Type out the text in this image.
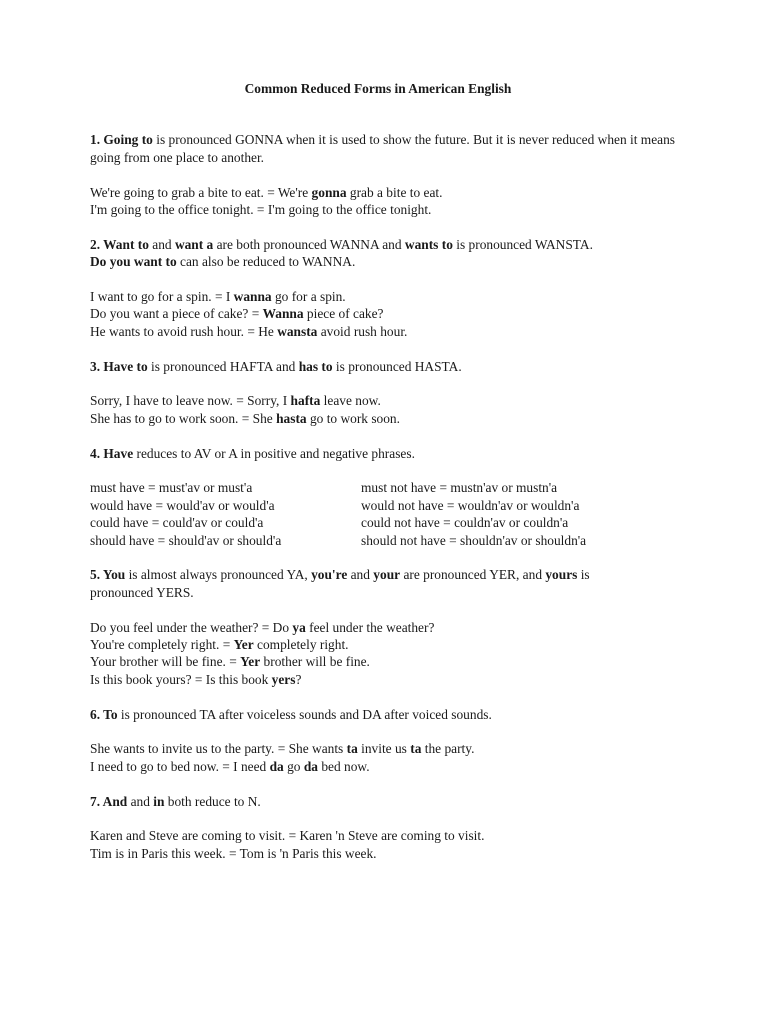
Common Reduced Forms in American English
1. Going to is pronounced GONNA when it is used to show the future. But it is never reduced when it means going from one place to another.
We're going to grab a bite to eat. = We're gonna grab a bite to eat.
I'm going to the office tonight. = I'm going to the office tonight.
2. Want to and want a are both pronounced WANNA and wants to is pronounced WANSTA.
Do you want to can also be reduced to WANNA.
I want to go for a spin. = I wanna go for a spin.
Do you want a piece of cake? = Wanna piece of cake?
He wants to avoid rush hour. = He wansta avoid rush hour.
3. Have to is pronounced HAFTA and has to is pronounced HASTA.
Sorry, I have to leave now. = Sorry, I hafta leave now.
She has to go to work soon. = She hasta go to work soon.
4. Have reduces to AV or A in positive and negative phrases.
must have = must'av or must'a	must not have = mustn'av or mustn'a
would have = would'av or would'a	would not have = wouldn'av or wouldn'a
could have = could'av or could'a	could not have = couldn'av or couldn'a
should have = should'av or should'a	should not have = shouldn'av or shouldn'a
5. You is almost always pronounced YA, you're and your are pronounced YER, and yours is
pronounced YERS.
Do you feel under the weather? = Do ya feel under the weather?
You're completely right. = Yer completely right.
Your brother will be fine. = Yer brother will be fine.
Is this book yours? = Is this book yers?
6. To is pronounced TA after voiceless sounds and DA after voiced sounds.
She wants to invite us to the party. = She wants ta invite us ta the party.
I need to go to bed now. = I need da go da bed now.
7. And and in both reduce to N.
Karen and Steve are coming to visit. = Karen 'n Steve are coming to visit.
Tim is in Paris this week. = Tom is 'n Paris this week.
